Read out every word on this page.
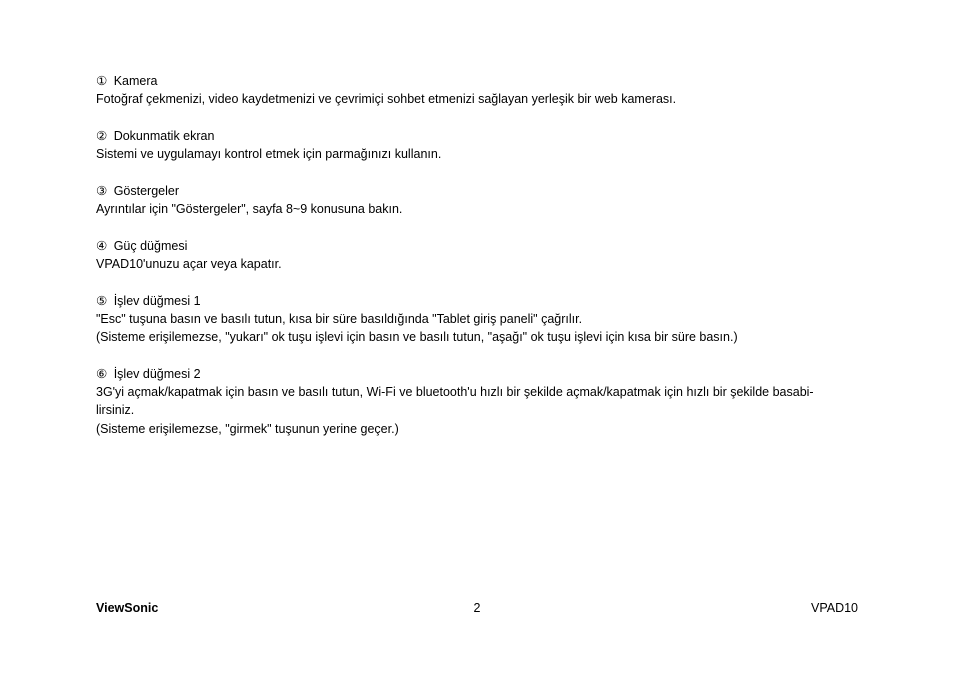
① Kamera
Fotoğraf çekmenizi, video kaydetmenizi ve çevrimiçi sohbet etmenizi sağlayan yerleşik bir web kamerası.
② Dokunmatik ekran
Sistemi ve uygulamayı kontrol etmek için parmağınızı kullanın.
③ Göstergeler
Ayrıntılar için "Göstergeler", sayfa 8~9 konusuna bakın.
④ Güç düğmesi
VPAD10'unuzu açar veya kapatır.
⑤ İşlev düğmesi 1
"Esc" tuşuna basın ve basılı tutun, kısa bir süre basıldığında "Tablet giriş paneli" çağrılır.
(Sisteme erişilemezse, "yukarı" ok tuşu işlevi için basın ve basılı tutun, "aşağı" ok tuşu işlevi için kısa bir süre basın.)
⑥ İşlev düğmesi 2
3G'yi açmak/kapatmak için basın ve basılı tutun, Wi-Fi ve bluetooth'u hızlı bir şekilde açmak/kapatmak için hızlı bir şekilde basabi-
lirsiniz.
(Sisteme erişilemezse, "girmek" tuşunun yerine geçer.)
ViewSonic	2	VPAD10
